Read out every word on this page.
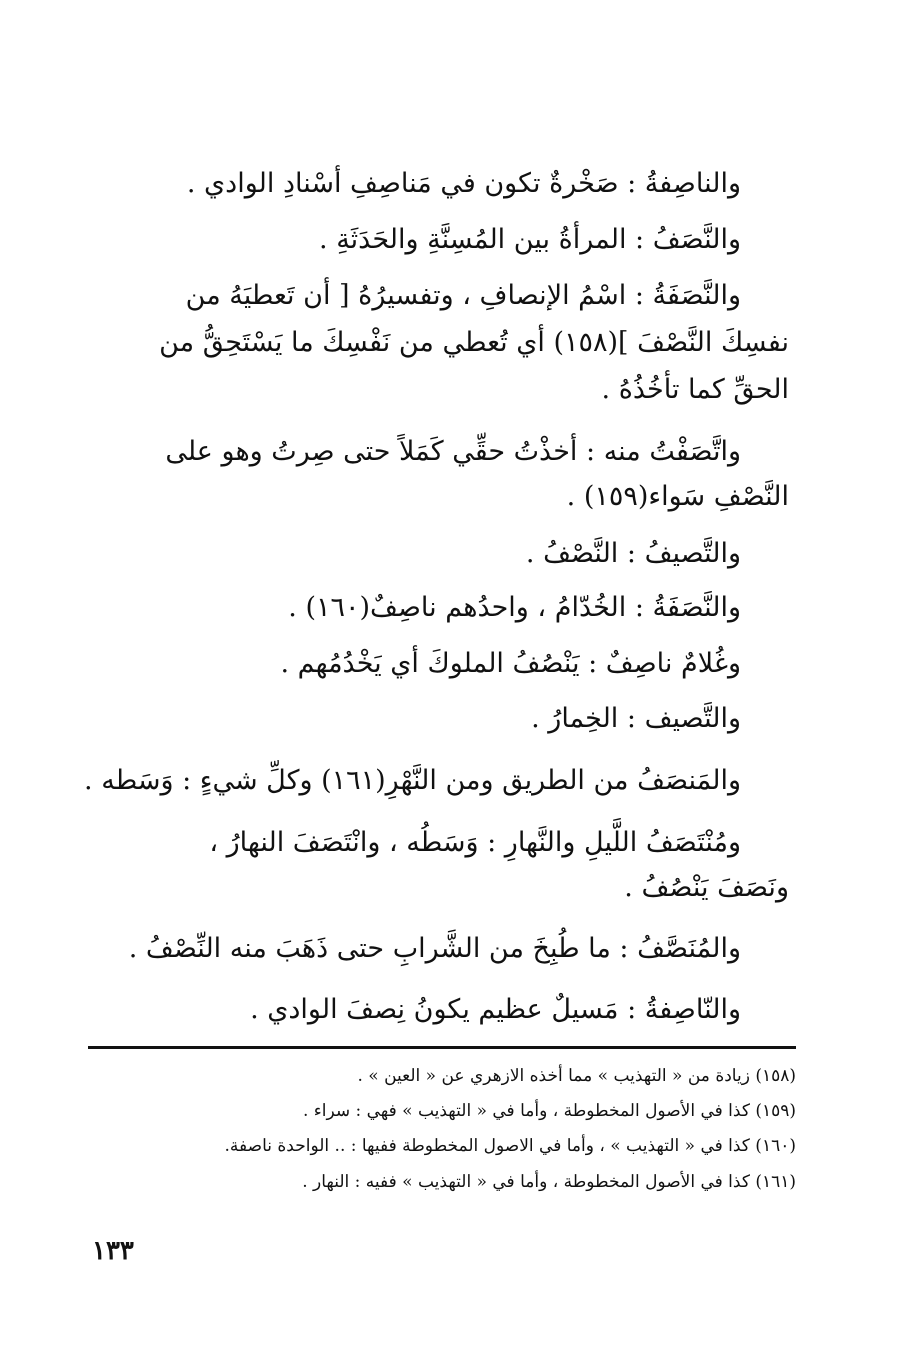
والناصِفةُ : صَخْرةٌ تكون في مَناصِفِ أسْنادِ الوادي .
والنَّصَفُ : المرأةُ بين المُسِنَّةِ والحَدَثَةِ .
والنَّصَفَةُ : اسْمُ الإنصافِ ، وتفسيرُهُ [ أن تَعطيَهُ من
نفسِكَ النَّصْفَ ](١٥٨) أي تُعطي من نَفْسِكَ ما يَسْتَحِقُّ من
الحقِّ كما تأخُذُهُ .
واتَّصَفْتُ منه : أخذْتُ حقِّي كَمَلاً حتى صِرتُ وهو على
النَّصْفِ سَواء(١٥٩) .
والتَّصيفُ : النَّصْفُ .
والنَّصَفَةُ : الخُدّامُ ، واحدُهم ناصِفٌ(١٦٠) .
وغُلامٌ ناصِفٌ : يَنْصُفُ الملوكَ أي يَخْدُمُهم .
والتَّصيف : الخِمارُ .
والمَنصَفُ من الطريق ومن النَّهْرِ(١٦١) وكلِّ شيءٍ : وَسَطه .
ومُنْتَصَفُ اللَّيلِ والنَّهارِ : وَسَطُه ، وانْتَصَفَ النهارُ ،
ونَصَفَ يَنْصُفُ .
والمُنَصَّفُ : ما طُبِخَ من الشَّرابِ حتى ذَهَبَ منه النِّصْفُ .
والنّاصِفةُ : مَسيلٌ عظيم يكونُ نِصفَ الوادي .
(١٥٨) زيادة من « التهذيب » مما أخذه الازهري عن « العين » .
(١٥٩) كذا في الأصول المخطوطة ، وأما في « التهذيب » فهي : سراء .
(١٦٠) كذا في « التهذيب » ، وأما في الاصول المخطوطة ففيها : .. الواحدة ناصفة.
(١٦١) كذا في الأصول المخطوطة ، وأما في « التهذيب » ففيه : النهار .
١٣٣
